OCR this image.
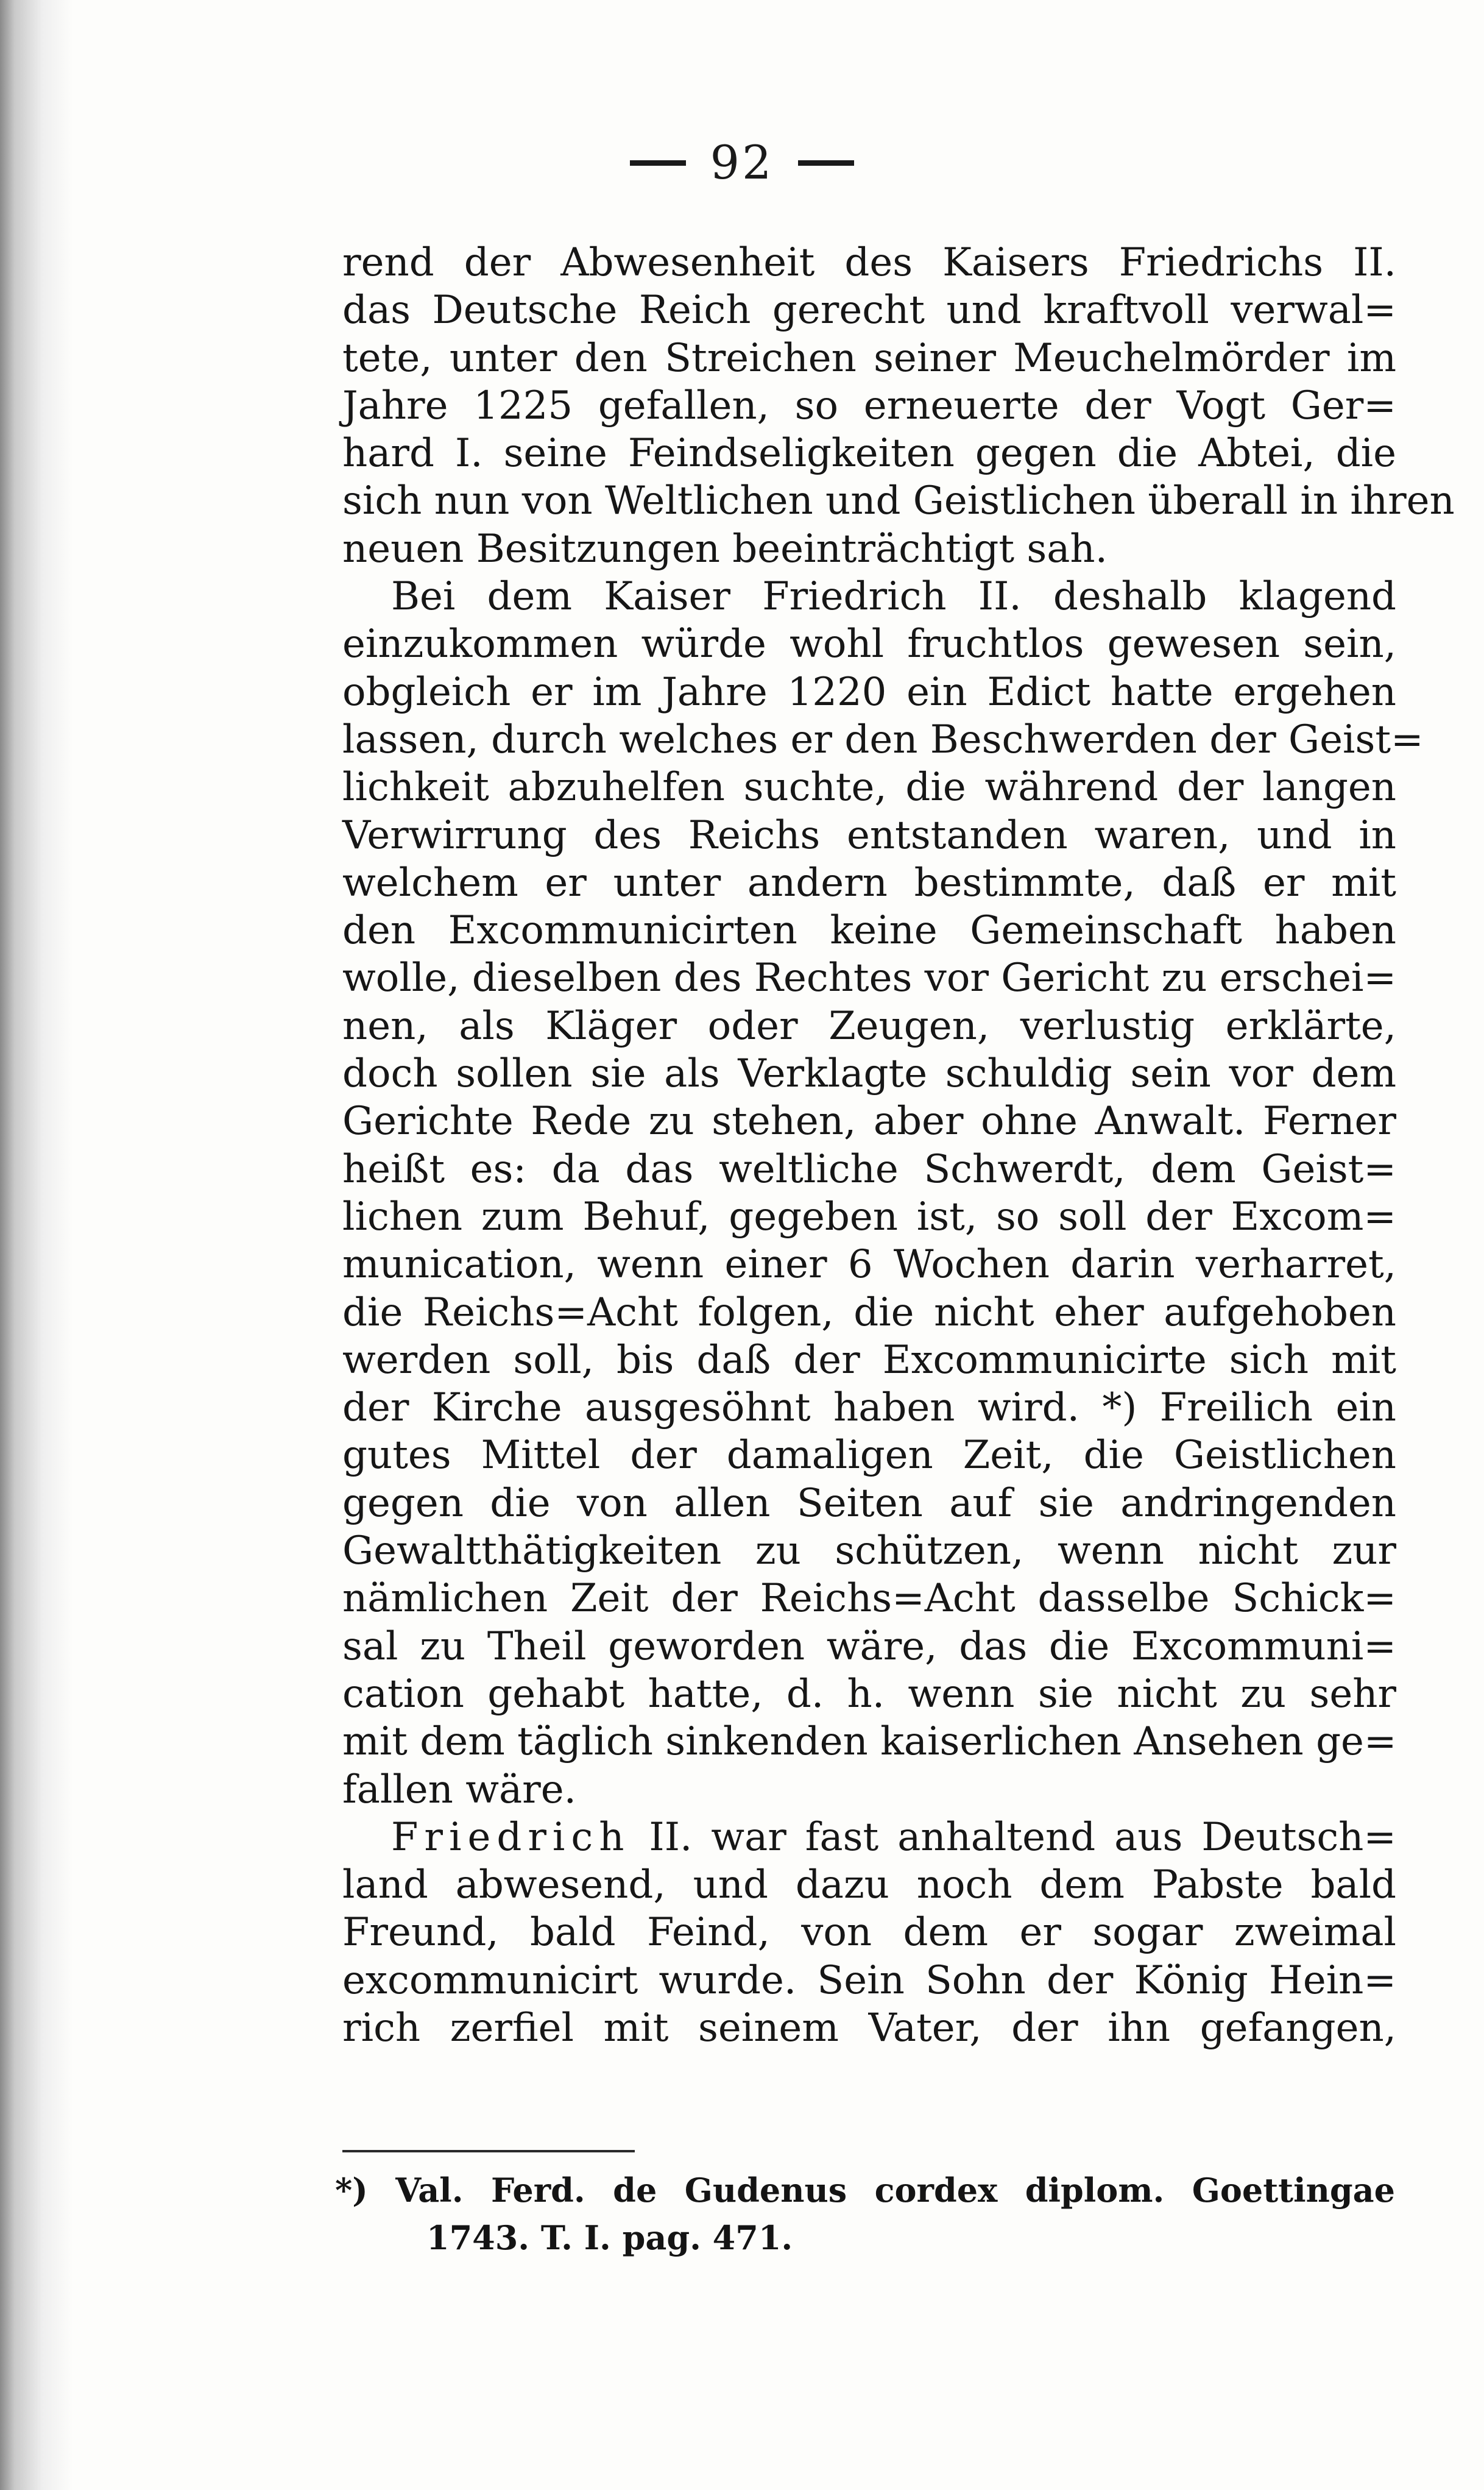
92
rend der Abwesenheit des Kaisers Friedrichs II.
das Deutsche Reich gerecht und kraftvoll verwal=
tete, unter den Streichen seiner Meuchelmörder im
Jahre 1225 gefallen, so erneuerte der Vogt Ger=
hard I. seine Feindseligkeiten gegen die Abtei, die
sich nun von Weltlichen und Geistlichen überall in ihren
neuen Besitzungen beeinträchtigt sah.
Bei dem Kaiser Friedrich II. deshalb klagend
einzukommen würde wohl fruchtlos gewesen sein,
obgleich er im Jahre 1220 ein Edict hatte ergehen
lassen, durch welches er den Beschwerden der Geist=
lichkeit abzuhelfen suchte, die während der langen
Verwirrung des Reichs entstanden waren, und in
welchem er unter andern bestimmte, daß er mit
den Excommunicirten keine Gemeinschaft haben
wolle, dieselben des Rechtes vor Gericht zu erschei=
nen, als Kläger oder Zeugen, verlustig erklärte,
doch sollen sie als Verklagte schuldig sein vor dem
Gerichte Rede zu stehen, aber ohne Anwalt. Ferner
heißt es: da das weltliche Schwerdt, dem Geist=
lichen zum Behuf, gegeben ist, so soll der Excom=
munication, wenn einer 6 Wochen darin verharret,
die Reichs=Acht folgen, die nicht eher aufgehoben
werden soll, bis daß der Excommunicirte sich mit
der Kirche ausgesöhnt haben wird. *) Freilich ein
gutes Mittel der damaligen Zeit, die Geistlichen
gegen die von allen Seiten auf sie andringenden
Gewaltthätigkeiten zu schützen, wenn nicht zur
nämlichen Zeit der Reichs=Acht dasselbe Schick=
sal zu Theil geworden wäre, das die Excommuni=
cation gehabt hatte, d. h. wenn sie nicht zu sehr
mit dem täglich sinkenden kaiserlichen Ansehen ge=
fallen wäre.
Friedrich II. war fast anhaltend aus Deutsch=
land abwesend, und dazu noch dem Pabste bald
Freund, bald Feind, von dem er sogar zweimal
excommunicirt wurde. Sein Sohn der König Hein=
rich zerfiel mit seinem Vater, der ihn gefangen,
*) Val. Ferd. de Gudenus cordex diplom. Goettingae
1743. T. I. pag. 471.
